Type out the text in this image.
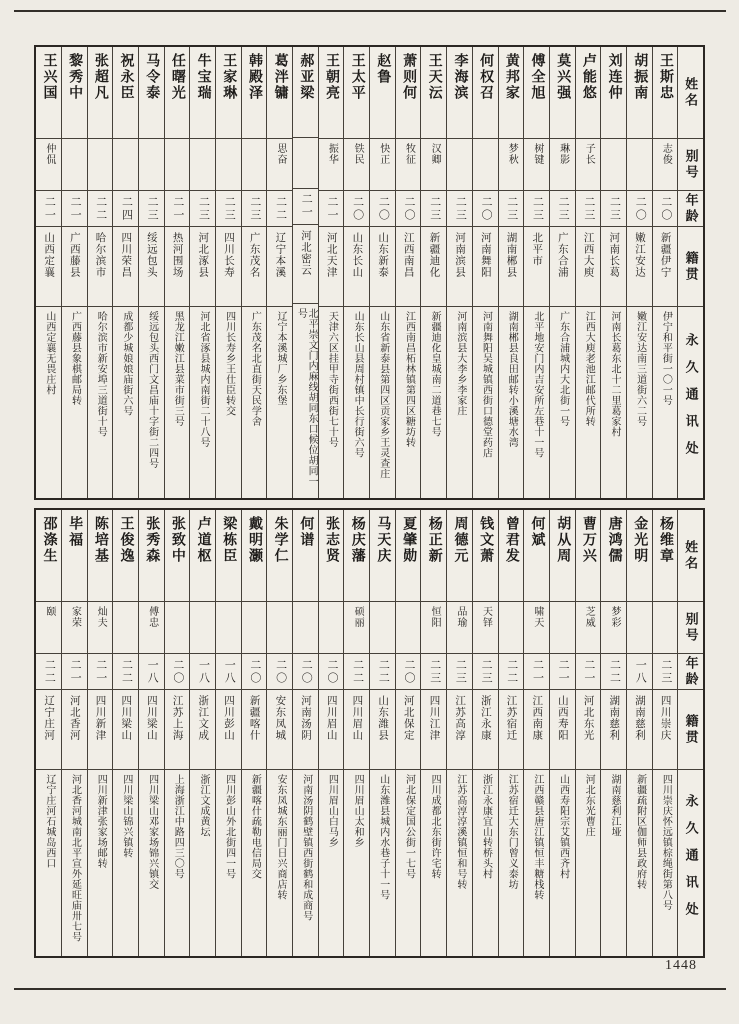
姓名
别号
年龄
籍贯
永久通讯处
王斯忠
志俊
二〇
新疆伊宁
伊宁和平街一〇一号
胡振南
二〇
嫩江安达
嫩江安达南三道街六二号
刘连仲
二三
河南长葛
河南长葛东北十二里葛家村
卢能悠
子长
二三
江西大庾
江西大庾老池江邮代所转
莫兴强
琳影
二三
广东合浦
广东合浦城内大北街一号
傅全旭
树键
二三
北平市
北平地安门内吉安所左巷十一号
黄邦家
梦秋
二三
湖南郴县
湖南郴县良田邮转小溪塘水湾
何权召
二〇
河南舞阳
河南舞阳吴城镇西街口德堂药店
李海滨
二三
河南滨县
河南滨县大李乡李家庄
王天沄
汉卿
二三
新疆迪化
新疆迪化皇城南二道巷七号
萧则何
牧征
二〇
江西南昌
江西南昌柘林镇第四区糖坊转
赵鲁
快正
二〇
山东新泰
山东省新泰县第四区贡家乡王灵查庄
王太平
铁民
二〇
山东长山
山东长山县周村镇中长行街六号
王朝亮
振华
二一
河北天津
天津六区挂甲寺街西街七十号
郝亚梁
二一
河北密云
北平崇文门内麻线胡同东口候位胡同一号
葛泮镛
思奋
二二
辽宁本溪
辽宁本溪城厂乡东堡
韩殿泽
二三
广东茂名
广东茂名北直街天民学舍
王家琳
二三
四川长寿
四川长寿乡王仕臣转交
牛宝瑞
二三
河北涿县
河北省涿县城内南街二十八号
任曙光
二一
热河围场
黑龙江嫩江县菜市街三号
马令泰
二三
绥远包头
绥远包头西门文昌庙十字街二四号
祝永臣
二四
四川荣昌
成都少城娘娘庙街六号
张超凡
二二
哈尔滨市
哈尔滨市新安埠三道街十号
黎秀中
二一
广西藤县
广西藤县象棋邮局转
王兴国
仲侃
二一
山西定襄
山西定襄无畏庄村
姓名
别号
年龄
籍贯
永久通讯处
杨维章
二三
四川崇庆
四川崇庆怀远镇棕绳街第八号
金光明
一八
湖南慈利
新疆疏附区伽师县政府转
唐鸿儒
梦彩
二二
湖南慈利
湖南慈利江垭
曹万兴
芝威
二一
河北东光
河北东光曹庄
胡从周
二一
山西寿阳
山西寿阳宗艾镇西齐村
何斌
啸天
二一
江西南康
江西赣县唐江镇恒丰糖栈转
曾君发
二二
江苏宿迁
江苏宿迁大东门曾义泰坊
钱文萧
天铎
二三
浙江永康
浙江永康宜山转桥头村
周德元
品瑜
二三
江苏高淳
江苏高淳淳溪镇恒和号转
杨正新
恒阳
二三
四川江津
四川成都北东街许宅转
夏肇勋
二〇
河北保定
河北保定国公街一七号
马天庆
二二
山东潍县
山东潍县城内水巷子十一号
杨庆藩
硕丽
二二
四川眉山
四川眉山太和乡
张志贤
二〇
四川眉山
四川眉山白马乡
何谱
二〇
河南汤阴
河南汤阴鹤壁镇西街鹤和成商号
朱学仁
二〇
安东凤城
安东凤城东丽门日兴商店转
戴明灏
二〇
新疆喀什
新疆喀什疏勒电信局交
梁栋臣
一八
四川彭山
四川彭山外北街四一号
卢道枢
一八
浙江文成
浙江文成黄坛
张致中
二〇
江苏上海
上海浙江中路四三〇号
张秀森
傅忠
一八
四川梁山
四川梁山邓家场锦兴镇交
王俊逸
二二
四川梁山
四川梁山锦兴镇转
陈培基
灿夫
二一
四川新津
四川新津张家场邮转
毕福
家荣
二一
河北香河
河北香河城南北平宣外延旺庙卅七号
邵涤生
颐
二二
辽宁庄河
辽宁庄河石城岛西口
1448
